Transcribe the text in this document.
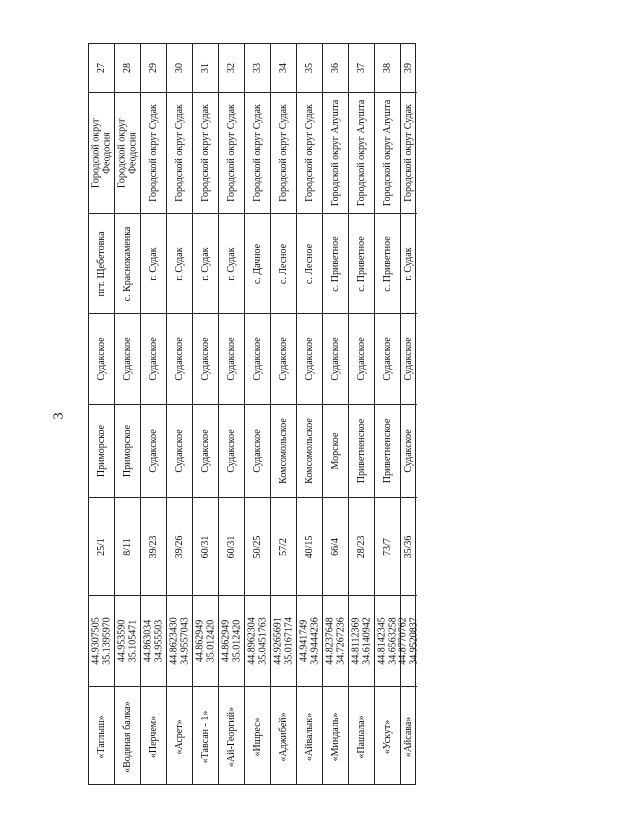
3
27
Городской округ Феодосия
пгт. Щебетовка
Судакское
Приморское
25/1
44.9307505 35.1395970
«Таглыш»
28
Городской округ Феодосия
с. Краснокаменка
Судакское
Приморское
8/11
44.953590 35.105471
«Водяная балка»
29
Городской округ Судак
г. Судак
Судакское
Судакское
39/23
44.863034 34.955503
«Перчем»
30
Городской округ Судак
г. Судак
Судакское
Судакское
39/26
44.8623430 34.9557043
«Асрет»
31
Городской округ Судак
г. Судак
Судакское
Судакское
60/31
44.862949 35.012420
«Тавсан - 1»
32
Городской округ Судак
г. Судак
Судакское
Судакское
60/31
44.862949 35.012420
«Ай-Георгий»
33
Городской округ Судак
с. Дачное
Судакское
Судакское
50/25
44.8962304 35.0451763
«Ишрес»
34
Городской округ Судак
с. Лесное
Судакское
Комсомольское
57/2
44.9265691 35.0167174
«Аджибей»
35
Городской округ Судак
с. Лесное
Судакское
Комсомольское
40/15
44.941749 34.9444236
«Айвалык»
36
Городской округ Алушта
с. Приветное
Судакское
Морское
66/4
44.8237648 34.7267236
«Миндаль»
37
Городской округ Алушта
с. Приветное
Судакское
Приветненское
28/23
44.8112369 34.6140942
«Пашала»
38
Городской округ Алушта
с. Приветное
Судакское
Приветненское
73/7
44.8142345 34.6563258
«Ускут»
39
Городской округ Судак
г. Судак
Судакское
Судакское
35/36
44.8770762 34.9520837
«Айсава»
